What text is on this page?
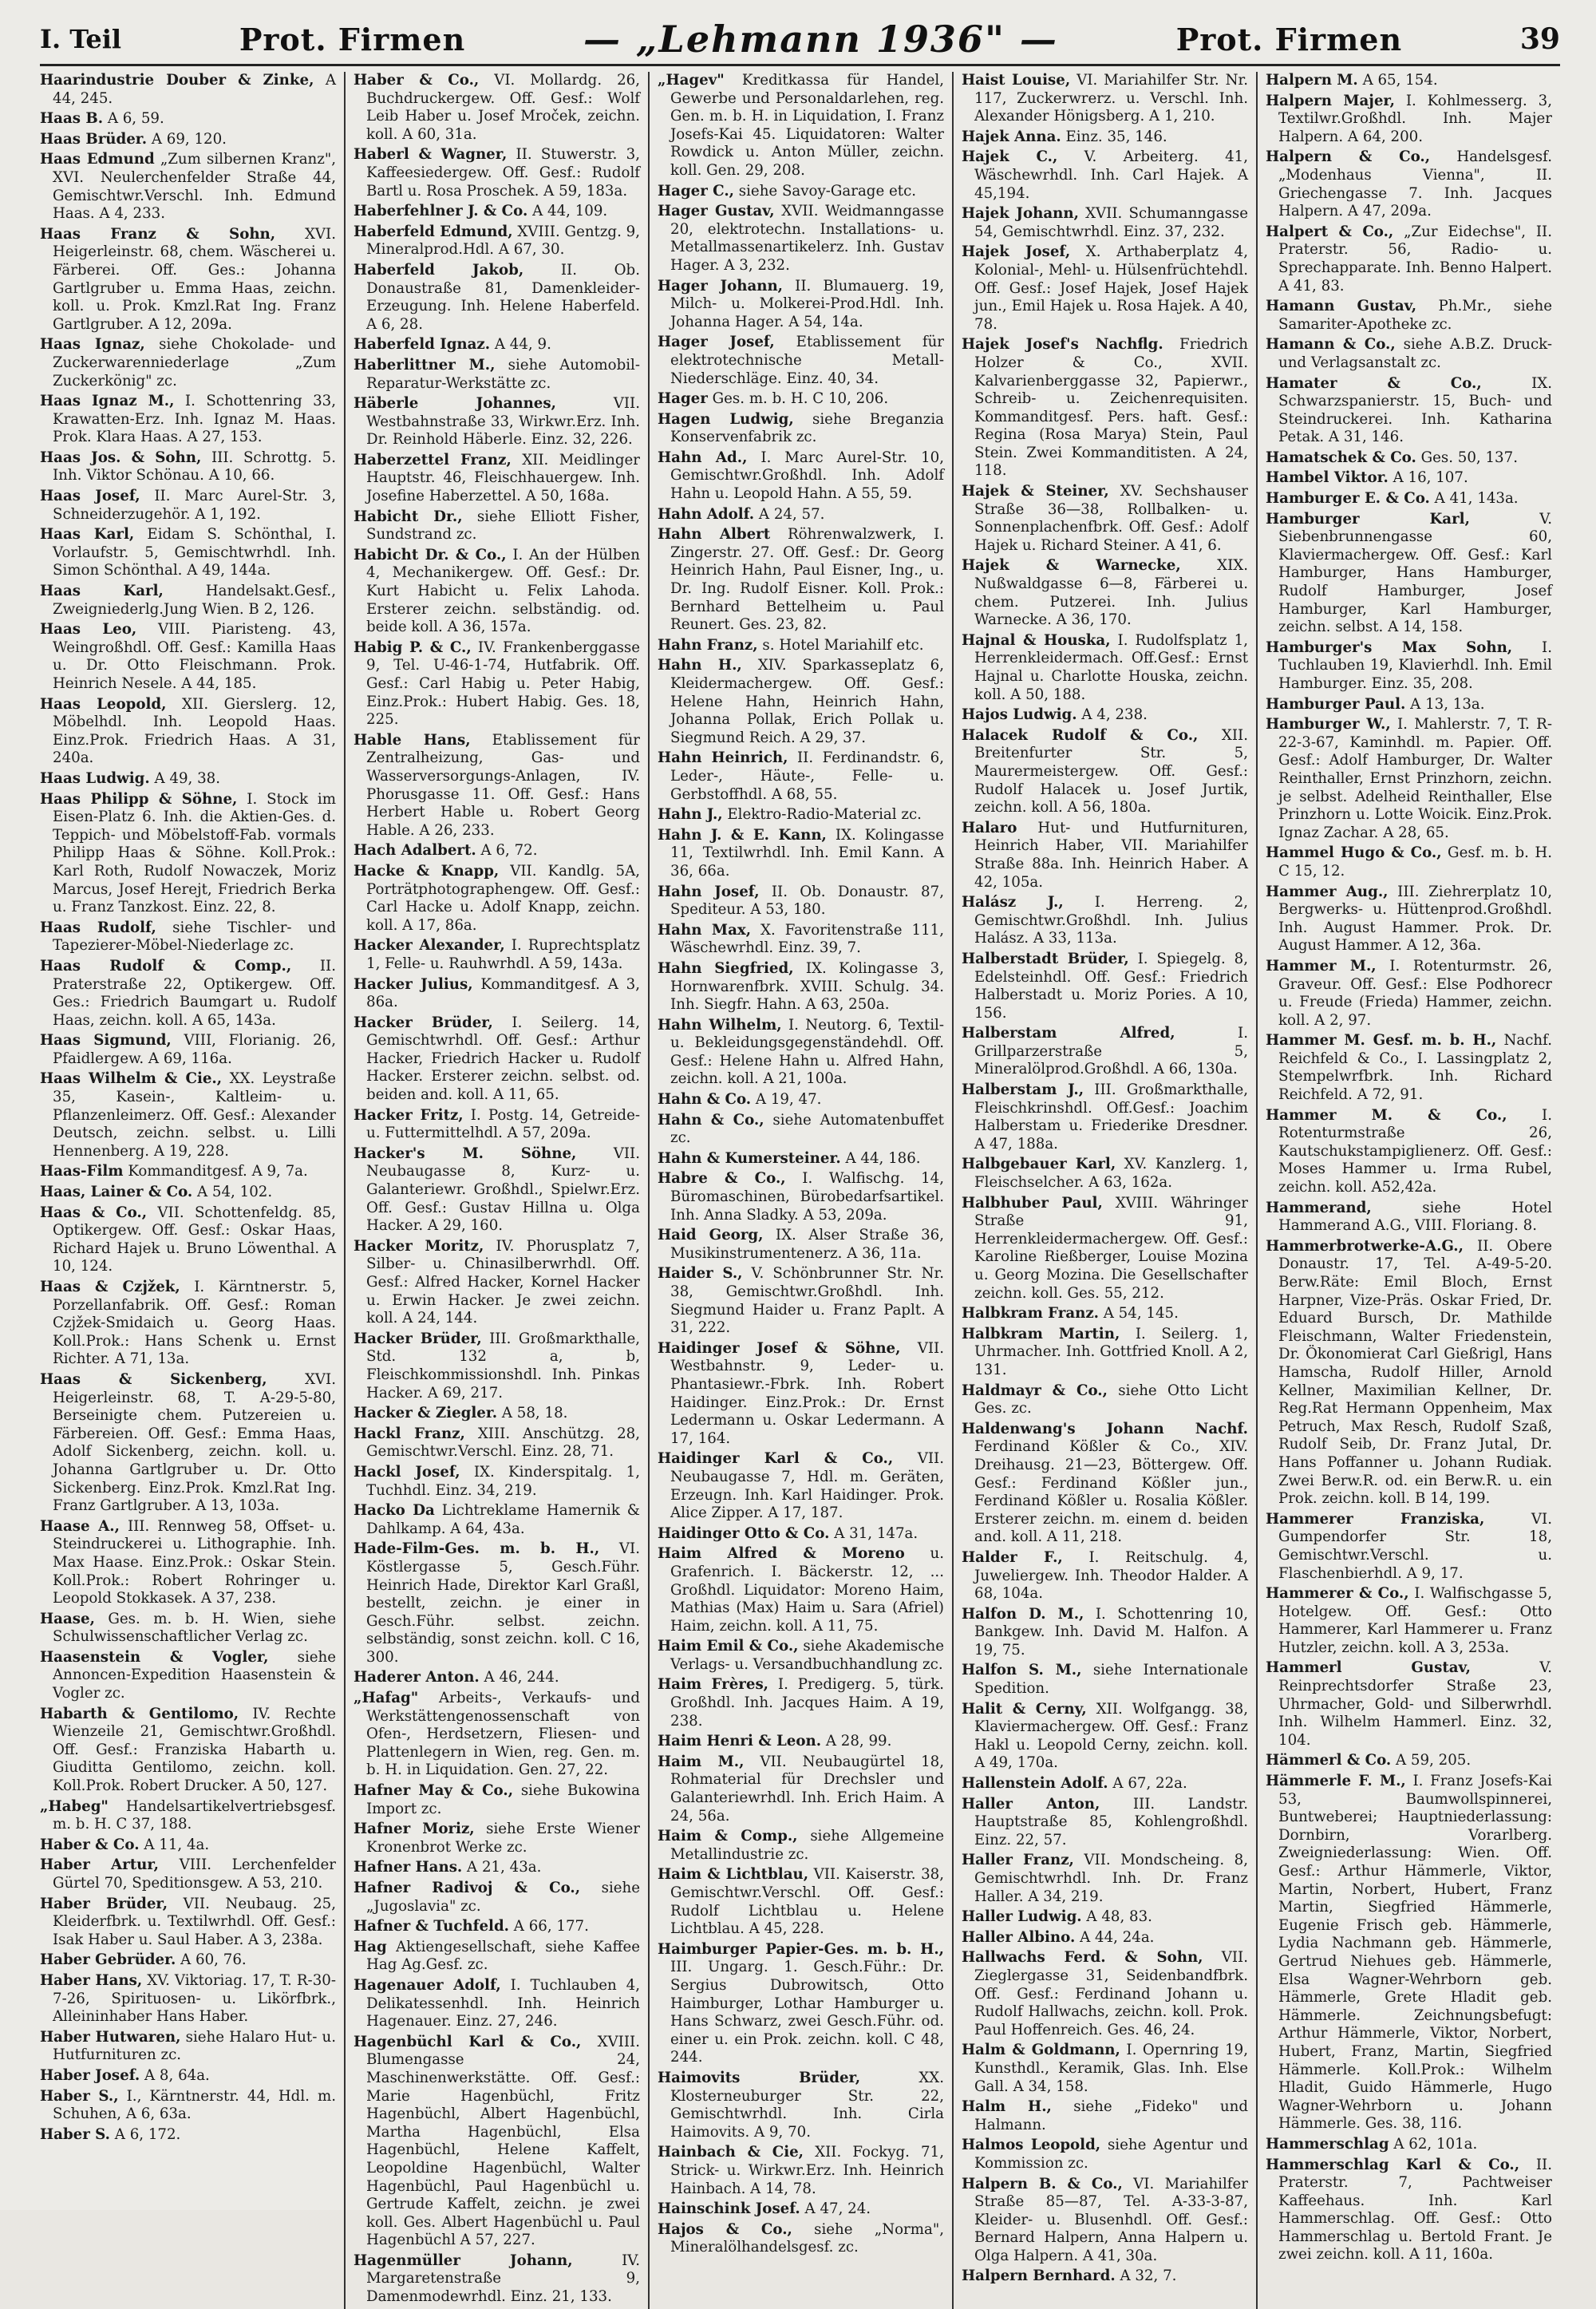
I. Teil	Prot. Firmen	— „Lehmann 1936" —	Prot. Firmen	39

Haarindustrie Douber & Zinke, A 44, 245.

Haas B. A 6, 59.

Haas Brüder. A 69, 120.

Haas Edmund „Zum silbernen Kranz", XVI. Neulerchenfelder Straße 44, Gemischtwr.Verschl. Inh. Edmund Haas. A 4, 233.

Haas Franz & Sohn, XVI. Heigerleinstr. 68, chem. Wäscherei u. Färberei. Off. Ges.: Johanna Gartlgruber u. Emma Haas, zeichn. koll. u. Prok. Kmzl.Rat Ing. Franz Gartlgruber. A 12, 209a.

Haas Ignaz, siehe Chokolade- und Zuckerwarenniederlage „Zum Zuckerkönig" zc.

Haas Ignaz M., I. Schottenring 33, Krawatten-Erz. Inh. Ignaz M. Haas. Prok. Klara Haas. A 27, 153.

Haas Jos. & Sohn, III. Schrottg. 5. Inh. Viktor Schönau. A 10, 66.

Haas Josef, II. Marc Aurel-Str. 3, Schneiderzugehör. A 1, 192.

Haas Karl, Eidam S. Schönthal, I. Vorlaufstr. 5, Gemischtwrhdl. Inh. Simon Schönthal. A 49, 144a.

Haas Karl, Handelsakt.Gesf., Zweigniederlg.Jung Wien. B 2, 126.

Haas Leo, VIII. Piaristeng. 43, Weingroßhdl. Off. Gesf.: Kamilla Haas u. Dr. Otto Fleischmann. Prok. Heinrich Nesele. A 44, 185.

Haas Leopold, XII. Gierslerg. 12, Möbelhdl. Inh. Leopold Haas. Einz.Prok. Friedrich Haas. A 31, 240a.

Haas Ludwig. A 49, 38.

Haas Philipp & Söhne, I. Stock im Eisen-Platz 6. Inh. die Aktien-Ges. d. Teppich- und Möbelstoff-Fab. vormals Philipp Haas & Söhne. Koll.Prok.: Karl Roth, Rudolf Nowaczek, Moriz Marcus, Josef Herejt, Friedrich Berka u. Franz Tanzkost. Einz. 22, 8.

Haas Rudolf, siehe Tischler- und Tapezierer-Möbel-Niederlage zc.

Haas Rudolf & Comp., II. Praterstraße 22, Optikergew. Off. Ges.: Friedrich Baumgart u. Rudolf Haas, zeichn. koll. A 65, 143a.

Haas Sigmund, VIII, Florianig. 26, Pfaidlergew. A 69, 116a.

Haas Wilhelm & Cie., XX. Leystraße 35, Kasein-, Kaltleim- u. Pflanzenleimerz. Off. Gesf.: Alexander Deutsch, zeichn. selbst. u. Lilli Hennenberg. A 19, 228.

Haas-Film Kommanditgesf. A 9, 7a.

Haas, Lainer & Co. A 54, 102.

Haas & Co., VII. Schottenfeldg. 85, Optikergew. Off. Gesf.: Oskar Haas, Richard Hajek u. Bruno Löwenthal. A 10, 124.

Haas & Czjžek, I. Kärntnerstr. 5, Porzellanfabrik. Off. Gesf.: Roman Czjžek-Smidaich u. Georg Haas. Koll.Prok.: Hans Schenk u. Ernst Richter. A 71, 13a.

Haas & Sickenberg, XVI. Heigerleinstr. 68, T. A-29-5-80, Berseinigte chem. Putzereien u. Färbereien. Off. Gesf.: Emma Haas, Adolf Sickenberg, zeichn. koll. u. Johanna Gartlgruber u. Dr. Otto Sickenberg. Einz.Prok. Kmzl.Rat Ing. Franz Gartlgruber. A 13, 103a.

Haase A., III. Rennweg 58, Offset- u. Steindruckerei u. Lithographie. Inh. Max Haase. Einz.Prok.: Oskar Stein. Koll.Prok.: Robert Rohringer u. Leopold Stokkasek. A 37, 238.

Haase, Ges. m. b. H. Wien, siehe Schulwissenschaftlicher Verlag zc.

Haasenstein & Vogler, siehe Annoncen-Expedition Haasenstein & Vogler zc.

Habarth & Gentilomo, IV. Rechte Wienzeile 21, Gemischtwr.Großhdl. Off. Gesf.: Franziska Habarth u. Giuditta Gentilomo, zeichn. koll. Koll.Prok. Robert Drucker. A 50, 127.

„Habeg" Handelsartikelvertriebsgesf. m. b. H. C 37, 188.

Haber & Co. A 11, 4a.

Haber Artur, VIII. Lerchenfelder Gürtel 70, Speditionsgew. A 53, 210.

Haber Brüder, VII. Neubaug. 25, Kleiderfbrk. u. Textilwrhdl. Off. Gesf.: Isak Haber u. Saul Haber. A 3, 238a.

Haber Gebrüder. A 60, 76.

Haber Hans, XV. Viktoriag. 17, T. R-30-7-26, Spirituosen- u. Likörfbrk., Alleininhaber Hans Haber.

Haber Hutwaren, siehe Halaro Hut- u. Hutfurnituren zc.

Haber Josef. A 8, 64a.

Haber S., I., Kärntnerstr. 44, Hdl. m. Schuhen, A 6, 63a.

Haber S. A 6, 172.

Haber & Co., VI. Mollardg. 26, Buchdruckergew. Off. Gesf.: Wolf Leib Haber u. Josef Mroček, zeichn. koll. A 60, 31a.

Haberl & Wagner, II. Stuwerstr. 3, Kaffeesiedergew. Off. Gesf.: Rudolf Bartl u. Rosa Proschek. A 59, 183a.

Haberfehlner J. & Co. A 44, 109.

Haberfeld Edmund, XVIII. Gentzg. 9, Mineralprod.Hdl. A 67, 30.

Haberfeld Jakob, II. Ob. Donaustraße 81, Damenkleider-Erzeugung. Inh. Helene Haberfeld. A 6, 28.

Haberfeld Ignaz. A 44, 9.

Haberlittner M., siehe Automobil-Reparatur-Werkstätte zc.

Häberle Johannes, VII. Westbahnstraße 33, Wirkwr.Erz. Inh. Dr. Reinhold Häberle. Einz. 32, 226.

Haberzettel Franz, XII. Meidlinger Hauptstr. 46, Fleischhauergew. Inh. Josefine Haberzettel. A 50, 168a.

Habicht Dr., siehe Elliott Fisher, Sundstrand zc.

Habicht Dr. & Co., I. An der Hülben 4, Mechanikergew. Off. Gesf.: Dr. Kurt Habicht u. Felix Lahoda. Ersterer zeichn. selbständig. od. beide koll. A 36, 157a.

Habig P. & C., IV. Frankenberggasse 9, Tel. U-46-1-74, Hutfabrik. Off. Gesf.: Carl Habig u. Peter Habig, Einz.Prok.: Hubert Habig. Ges. 18, 225.

Hable Hans, Etablissement für Zentralheizung, Gas- und Wasserversorgungs-Anlagen, IV. Phorusgasse 11. Off. Gesf.: Hans Herbert Hable u. Robert Georg Hable. A 26, 233.

Hach Adalbert. A 6, 72.

Hacke & Knapp, VII. Kandlg. 5A, Porträtphotographengew. Off. Gesf.: Carl Hacke u. Adolf Knapp, zeichn. koll. A 17, 86a.

Hacker Alexander, I. Ruprechtsplatz 1, Felle- u. Rauhwrhdl. A 59, 143a.

Hacker Julius, Kommanditgesf. A 3, 86a.

Hacker Brüder, I. Seilerg. 14, Gemischtwrhdl. Off. Gesf.: Arthur Hacker, Friedrich Hacker u. Rudolf Hacker. Ersterer zeichn. selbst. od. beiden and. koll. A 11, 65.

Hacker Fritz, I. Postg. 14, Getreide- u. Futtermittelhdl. A 57, 209a.

Hacker's M. Söhne, VII. Neubaugasse 8, Kurz- u. Galanteriewr. Großhdl., Spielwr.Erz. Off. Gesf.: Gustav Hillna u. Olga Hacker. A 29, 160.

Hacker Moritz, IV. Phorusplatz 7, Silber- u. Chinasilberwrhdl. Off. Gesf.: Alfred Hacker, Kornel Hacker u. Erwin Hacker. Je zwei zeichn. koll. A 24, 144.

Hacker Brüder, III. Großmarkthalle, Std. 132 a, b, Fleischkommissionshdl. Inh. Pinkas Hacker. A 69, 217.

Hacker & Ziegler. A 58, 18.

Hackl Franz, XIII. Anschützg. 28, Gemischtwr.Verschl. Einz. 28, 71.

Hackl Josef, IX. Kinderspitalg. 1, Tuchhdl. Einz. 34, 219.

Hacko Da Lichtreklame Hamernik & Dahlkamp. A 64, 43a.

Hade-Film-Ges. m. b. H., VI. Köstlergasse 5, Gesch.Führ. Heinrich Hade, Direktor Karl Graßl, bestellt, zeichn. je einer in Gesch.Führ. selbst. zeichn. selbständig, sonst zeichn. koll. C 16, 300.

Haderer Anton. A 46, 244.

„Hafag" Arbeits-, Verkaufs- und Werkstättengenossenschaft von Ofen-, Herdsetzern, Fliesen- und Plattenlegern in Wien, reg. Gen. m. b. H. in Liquidation. Gen. 27, 22.

Hafner May & Co., siehe Bukowina Import zc.

Hafner Moriz, siehe Erste Wiener Kronenbrot Werke zc.

Hafner Hans. A 21, 43a.

Hafner Radivoj & Co., siehe „Jugoslavia" zc.

Hafner & Tuchfeld. A 66, 177.

Hag Aktiengesellschaft, siehe Kaffee Hag Ag.Gesf. zc.

Hagenauer Adolf, I. Tuchlauben 4, Delikatessenhdl. Inh. Heinrich Hagenauer. Einz. 27, 246.

Hagenbüchl Karl & Co., XVIII. Blumengasse 24, Maschinenwerkstätte. Off. Gesf.: Marie Hagenbüchl, Fritz Hagenbüchl, Albert Hagenbüchl, Martha Hagenbüchl, Elsa Hagenbüchl, Helene Kaffelt, Leopoldine Hagenbüchl, Walter Hagenbüchl, Paul Hagenbüchl u. Gertrude Kaffelt, zeichn. je zwei koll. Ges. Albert Hagenbüchl u. Paul Hagenbüchl A 57, 227.

Hagenmüller Johann, IV. Margaretenstraße 9, Damenmodewrhdl. Einz. 21, 133.

„Hagev" Kreditkassa für Handel, Gewerbe und Personaldarlehen, reg. Gen. m. b. H. in Liquidation, I. Franz Josefs-Kai 45. Liquidatoren: Walter Rowdick u. Anton Müller, zeichn. koll. Gen. 29, 208.

Hager C., siehe Savoy-Garage etc.

Hager Gustav, XVII. Weidmanngasse 20, elektrotechn. Installations- u. Metallmassenartikelerz. Inh. Gustav Hager. A 3, 232.

Hager Johann, II. Blumauerg. 19, Milch- u. Molkerei-Prod.Hdl. Inh. Johanna Hager. A 54, 14a.

Hager Josef, Etablissement für elektrotechnische Metall-Niederschläge. Einz. 40, 34.

Hager Ges. m. b. H. C 10, 206.

Hagen Ludwig, siehe Breganzia Konservenfabrik zc.

Hahn Ad., I. Marc Aurel-Str. 10, Gemischtwr.Großhdl. Inh. Adolf Hahn u. Leopold Hahn. A 55, 59.

Hahn Adolf. A 24, 57.

Hahn Albert Röhrenwalzwerk, I. Zingerstr. 27. Off. Gesf.: Dr. Georg Heinrich Hahn, Paul Eisner, Ing., u. Dr. Ing. Rudolf Eisner. Koll. Prok.: Bernhard Bettelheim u. Paul Reunert. Ges. 23, 82.

Hahn Franz, s. Hotel Mariahilf etc.

Hahn H., XIV. Sparkasseplatz 6, Kleidermachergew. Off. Gesf.: Helene Hahn, Heinrich Hahn, Johanna Pollak, Erich Pollak u. Siegmund Reich. A 29, 37.

Hahn Heinrich, II. Ferdinandstr. 6, Leder-, Häute-, Felle- u. Gerbstoffhdl. A 68, 55.

Hahn J., Elektro-Radio-Material zc.

Hahn J. & E. Kann, IX. Kolingasse 11, Textilwrhdl. Inh. Emil Kann. A 36, 66a.

Hahn Josef, II. Ob. Donaustr. 87, Spediteur. A 53, 180.

Hahn Max, X. Favoritenstraße 111, Wäschewrhdl. Einz. 39, 7.

Hahn Siegfried, IX. Kolingasse 3, Hornwarenfbrk. XVIII. Schulg. 34. Inh. Siegfr. Hahn. A 63, 250a.

Hahn Wilhelm, I. Neutorg. 6, Textil- u. Bekleidungsgegenständehdl. Off. Gesf.: Helene Hahn u. Alfred Hahn, zeichn. koll. A 21, 100a.

Hahn & Co. A 19, 47.

Hahn & Co., siehe Automatenbuffet zc.

Hahn & Kumersteiner. A 44, 186.

Habre & Co., I. Walfischg. 14, Büromaschinen, Bürobedarfsartikel. Inh. Anna Sladky. A 53, 209a.

Haid Georg, IX. Alser Straße 36, Musikinstrumentenerz. A 36, 11a.

Haider S., V. Schönbrunner Str. Nr. 38, Gemischtwr.Großhdl. Inh. Siegmund Haider u. Franz Paplt. A 31, 222.

Haidinger Josef & Söhne, VII. Westbahnstr. 9, Leder- u. Phantasiewr.-Fbrk. Inh. Robert Haidinger. Einz.Prok.: Dr. Ernst Ledermann u. Oskar Ledermann. A 17, 164.

Haidinger Karl & Co., VII. Neubaugasse 7, Hdl. m. Geräten, Erzeugn. Inh. Karl Haidinger. Prok. Alice Zipper. A 17, 187.

Haidinger Otto & Co. A 31, 147a.

Haim Alfred & Moreno u. Grafenrich. I. Bäckerstr. 12, ... Großhdl. Liquidator: Moreno Haim, Mathias (Max) Haim u. Sara (Afriel) Haim, zeichn. koll. A 11, 75.

Haim Emil & Co., siehe Akademische Verlags- u. Versandbuchhandlung zc.

Haim Frères, I. Predigerg. 5, türk. Großhdl. Inh. Jacques Haim. A 19, 238.

Haim Henri & Leon. A 28, 99.

Haim M., VII. Neubaugürtel 18, Rohmaterial für Drechsler und Galanteriewrhdl. Inh. Erich Haim. A 24, 56a.

Haim & Comp., siehe Allgemeine Metallindustrie zc.

Haim & Lichtblau, VII. Kaiserstr. 38, Gemischtwr.Verschl. Off. Gesf.: Rudolf Lichtblau u. Helene Lichtblau. A 45, 228.

Haimburger Papier-Ges. m. b. H., III. Ungarg. 1. Gesch.Führ.: Dr. Sergius Dubrowitsch, Otto Haimburger, Lothar Hamburger u. Hans Schwarz, zwei Gesch.Führ. od. einer u. ein Prok. zeichn. koll. C 48, 244.

Haimovits Brüder, XX. Klosterneuburger Str. 22, Gemischtwrhdl. Inh. Cirla Haimovits. A 9, 70.

Hainbach & Cie, XII. Fockyg. 71, Strick- u. Wirkwr.Erz. Inh. Heinrich Hainbach. A 14, 78.

Hainschink Josef. A 47, 24.

Hajos & Co., siehe „Norma", Mineralölhandelsgesf. zc.

Haist Louise, VI. Mariahilfer Str. Nr. 117, Zuckerwrerz. u. Verschl. Inh. Alexander Hönigsberg. A 1, 210.

Hajek Anna. Einz. 35, 146.

Hajek C., V. Arbeiterg. 41, Wäschewrhdl. Inh. Carl Hajek. A 45,194.

Hajek Johann, XVII. Schumanngasse 54, Gemischtwrhdl. Einz. 37, 232.

Hajek Josef, X. Arthaberplatz 4, Kolonial-, Mehl- u. Hülsenfrüchtehdl. Off. Gesf.: Josef Hajek, Josef Hajek jun., Emil Hajek u. Rosa Hajek. A 40, 78.

Hajek Josef's Nachflg. Friedrich Holzer & Co., XVII. Kalvarienberggasse 32, Papierwr., Schreib- u. Zeichenrequisiten. Kommanditgesf. Pers. haft. Gesf.: Regina (Rosa Marya) Stein, Paul Stein. Zwei Kommanditisten. A 24, 118.

Hajek & Steiner, XV. Sechshauser Straße 36—38, Rollbalken- u. Sonnenplachenfbrk. Off. Gesf.: Adolf Hajek u. Richard Steiner. A 41, 6.

Hajek & Warnecke, XIX. Nußwaldgasse 6—8, Färberei u. chem. Putzerei. Inh. Julius Warnecke. A 36, 170.

Hajnal & Houska, I. Rudolfsplatz 1, Herrenkleidermach. Off.Gesf.: Ernst Hajnal u. Charlotte Houska, zeichn. koll. A 50, 188.

Hajos Ludwig. A 4, 238.

Halacek Rudolf & Co., XII. Breitenfurter Str. 5, Maurermeistergew. Off. Gesf.: Rudolf Halacek u. Josef Jurtik, zeichn. koll. A 56, 180a.

Halaro Hut- und Hutfurnituren, Heinrich Haber, VII. Mariahilfer Straße 88a. Inh. Heinrich Haber. A 42, 105a.

Halász J., I. Herreng. 2, Gemischtwr.Großhdl. Inh. Julius Halász. A 33, 113a.

Halberstadt Brüder, I. Spiegelg. 8, Edelsteinhdl. Off. Gesf.: Friedrich Halberstadt u. Moriz Pories. A 10, 156.

Halberstam Alfred, I. Grillparzerstraße 5, Mineralölprod.Großhdl. A 66, 130a.

Halberstam J., III. Großmarkthalle, Fleischkrinshdl. Off.Gesf.: Joachim Halberstam u. Friederike Dresdner. A 47, 188a.

Halbgebauer Karl, XV. Kanzlerg. 1, Fleischselcher. A 63, 162a.

Halbhuber Paul, XVIII. Währinger Straße 91, Herrenkleidermachergew. Off. Gesf.: Karoline Rießberger, Louise Mozina u. Georg Mozina. Die Gesellschafter zeichn. koll. Ges. 55, 212.

Halbkram Franz. A 54, 145.

Halbkram Martin, I. Seilerg. 1, Uhrmacher. Inh. Gottfried Knoll. A 2, 131.

Haldmayr & Co., siehe Otto Licht Ges. zc.

Haldenwang's Johann Nachf. Ferdinand Kößler & Co., XIV. Dreihausg. 21—23, Böttergew. Off. Gesf.: Ferdinand Kößler jun., Ferdinand Kößler u. Rosalia Kößler. Ersterer zeichn. m. einem d. beiden and. koll. A 11, 218.

Halder F., I. Reitschulg. 4, Juweliergew. Inh. Theodor Halder. A 68, 104a.

Halfon D. M., I. Schottenring 10, Bankgew. Inh. David M. Halfon. A 19, 75.

Halfon S. M., siehe Internationale Spedition.

Halit & Cerny, XII. Wolfgangg. 38, Klaviermachergew. Off. Gesf.: Franz Hakl u. Leopold Cerny, zeichn. koll. A 49, 170a.

Hallenstein Adolf. A 67, 22a.

Haller Anton, III. Landstr. Hauptstraße 85, Kohlengroßhdl. Einz. 22, 57.

Haller Franz, VII. Mondscheing. 8, Gemischtwrhdl. Inh. Dr. Franz Haller. A 34, 219.

Haller Ludwig. A 48, 83.

Haller Albino. A 44, 24a.

Hallwachs Ferd. & Sohn, VII. Zieglergasse 31, Seidenbandfbrk. Off. Gesf.: Ferdinand Johann u. Rudolf Hallwachs, zeichn. koll. Prok. Paul Hoffenreich. Ges. 46, 24.

Halm & Goldmann, I. Opernring 19, Kunsthdl., Keramik, Glas. Inh. Else Gall. A 34, 158.

Halm H., siehe „Fideko" und Halmann.

Halmos Leopold, siehe Agentur und Kommission zc.

Halpern B. & Co., VI. Mariahilfer Straße 85—87, Tel. A-33-3-87, Kleider- u. Blusenhdl. Off. Gesf.: Bernard Halpern, Anna Halpern u. Olga Halpern. A 41, 30a.

Halpern Bernhard. A 32, 7.

Halpern M. A 65, 154.

Halpern Majer, I. Kohlmesserg. 3, Textilwr.Großhdl. Inh. Majer Halpern. A 64, 200.

Halpern & Co., Handelsgesf. „Modenhaus Vienna", II. Griechengasse 7. Inh. Jacques Halpern. A 47, 209a.

Halpert & Co., „Zur Eidechse", II. Praterstr. 56, Radio- u. Sprechapparate. Inh. Benno Halpert. A 41, 83.

Hamann Gustav, Ph.Mr., siehe Samariter-Apotheke zc.

Hamann & Co., siehe A.B.Z. Druck- und Verlagsanstalt zc.

Hamater & Co., IX. Schwarzspanierstr. 15, Buch- und Steindruckerei. Inh. Katharina Petak. A 31, 146.

Hamatschek & Co. Ges. 50, 137.

Hambel Viktor. A 16, 107.

Hamburger E. & Co. A 41, 143a.

Hamburger Karl, V. Siebenbrunnengasse 60, Klaviermachergew. Off. Gesf.: Karl Hamburger, Hans Hamburger, Rudolf Hamburger, Josef Hamburger, Karl Hamburger, zeichn. selbst. A 14, 158.

Hamburger's Max Sohn, I. Tuchlauben 19, Klavierhdl. Inh. Emil Hamburger. Einz. 35, 208.

Hamburger Paul. A 13, 13a.

Hamburger W., I. Mahlerstr. 7, T. R-22-3-67, Kaminhdl. m. Papier. Off. Gesf.: Adolf Hamburger, Dr. Walter Reinthaller, Ernst Prinzhorn, zeichn. je selbst. Adelheid Reinthaller, Else Prinzhorn u. Lotte Woicik. Einz.Prok. Ignaz Zachar. A 28, 65.

Hammel Hugo & Co., Gesf. m. b. H. C 15, 12.

Hammer Aug., III. Ziehrerplatz 10, Bergwerks- u. Hüttenprod.Großhdl. Inh. August Hammer. Prok. Dr. August Hammer. A 12, 36a.

Hammer M., I. Rotenturmstr. 26, Graveur. Off. Gesf.: Else Podhorecr u. Freude (Frieda) Hammer, zeichn. koll. A 2, 97.

Hammer M. Gesf. m. b. H., Nachf. Reichfeld & Co., I. Lassingplatz 2, Stempelwrfbrk. Inh. Richard Reichfeld. A 72, 91.

Hammer M. & Co., I. Rotenturmstraße 26, Kautschukstampiglienerz. Off. Gesf.: Moses Hammer u. Irma Rubel, zeichn. koll. A52,42a.

Hammerand, siehe Hotel Hammerand A.G., VIII. Floriang. 8.

Hammerbrotwerke-A.G., II. Obere Donaustr. 17, Tel. A-49-5-20. Berw.Räte: Emil Bloch, Ernst Harpner, Vize-Präs. Oskar Fried, Dr. Eduard Bursch, Dr. Mathilde Fleischmann, Walter Friedenstein, Dr. Ökonomierat Carl Gießrigl, Hans Hamscha, Rudolf Hiller, Arnold Kellner, Maximilian Kellner, Dr. Reg.Rat Hermann Oppenheim, Max Petruch, Max Resch, Rudolf Szaß, Rudolf Seib, Dr. Franz Jutal, Dr. Hans Poffanner u. Johann Rudiak. Zwei Berw.R. od. ein Berw.R. u. ein Prok. zeichn. koll. B 14, 199.

Hammerer Franziska, VI. Gumpendorfer Str. 18, Gemischtwr.Verschl. u. Flaschenbierhdl. A 9, 17.

Hammerer & Co., I. Walfischgasse 5, Hotelgew. Off. Gesf.: Otto Hammerer, Karl Hammerer u. Franz Hutzler, zeichn. koll. A 3, 253a.

Hammerl Gustav, V. Reinprechtsdorfer Straße 23, Uhrmacher, Gold- und Silberwrhdl. Inh. Wilhelm Hammerl. Einz. 32, 104.

Hämmerl & Co. A 59, 205.

Hämmerle F. M., I. Franz Josefs-Kai 53, Baumwollspinnerei, Buntweberei; Hauptniederlassung: Dornbirn, Vorarlberg. Zweigniederlassung: Wien. Off. Gesf.: Arthur Hämmerle, Viktor, Martin, Norbert, Hubert, Franz Martin, Siegfried Hämmerle, Eugenie Frisch geb. Hämmerle, Lydia Nachmann geb. Hämmerle, Gertrud Niehues geb. Hämmerle, Elsa Wagner-Wehrborn geb. Hämmerle, Grete Hladit geb. Hämmerle. Zeichnungsbefugt: Arthur Hämmerle, Viktor, Norbert, Hubert, Franz, Martin, Siegfried Hämmerle. Koll.Prok.: Wilhelm Hladit, Guido Hämmerle, Hugo Wagner-Wehrborn u. Johann Hämmerle. Ges. 38, 116.

Hammerschlag A 62, 101a.

Hammerschlag Karl & Co., II. Praterstr. 7, Pachtweiser Kaffeehaus. Inh. Karl Hammerschlag. Off. Gesf.: Otto Hammerschlag u. Bertold Frant. Je zwei zeichn. koll. A 11, 160a.
